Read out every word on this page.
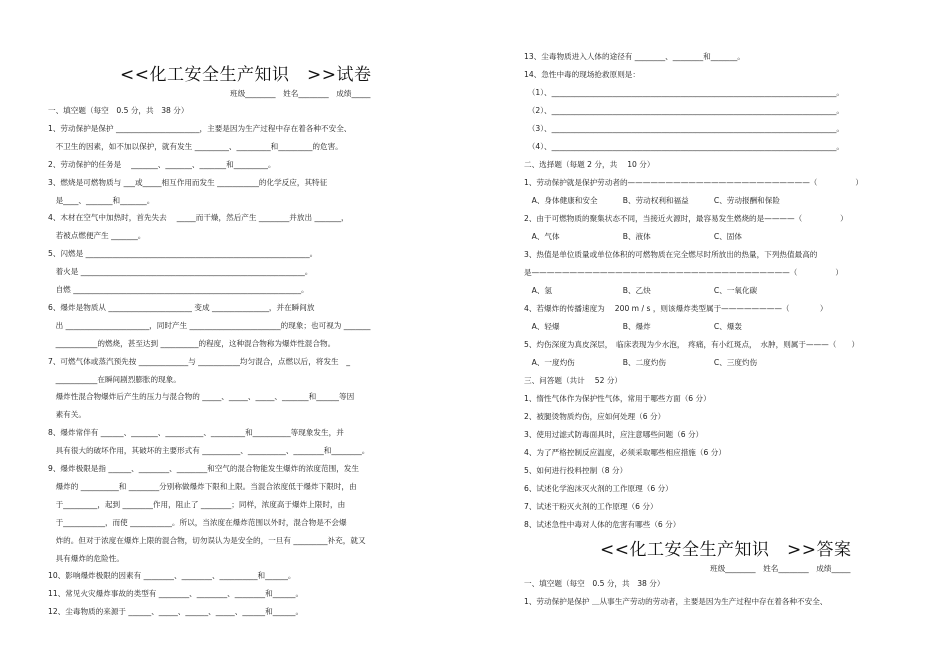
<<化工安全生产知识　>>试卷
班级________　姓名________　成绩_____
一、填空题（每空　0.5 分，共　38 分）
1、劳动保护是保护 ______________________，主要是因为生产过程中存在着各种不安全、
　不卫生的因素，如不加以保护，就有发生 _________、_________和_________的危害。
2、劳动保护的任务是　 _______、_______、_______和_________。
3、燃烧是可燃物质与 ___或_____相互作用而发生 ___________的化学反应，其特征
　是____、_______和_______。
4、木材在空气中加热时，首先失去　 _____而干燥，然后产生 ________并放出 _______，
　若被点燃便产生 _______。
5、闪燃是 ___________________________________________________________。
　着火是 ___________________________________________________________。
　自燃 ____________________________________________________________。
6、爆炸是物质从 ______________________ 变成 _______________，并在瞬间放
　出 ______________________，同时产生 ________________________的现象；也可视为 _______
　___________的燃烧，甚至达到 __________的程度，这种混合物称为爆炸性混合物。
7、可燃气体或蒸汽预先按 _____________与 ___________均匀混合，点燃以后，将发生　_
　___________在瞬间剧烈膨胀的现象。
　爆炸性混合物爆炸后产生的压力与混合物的 _____、_____、_____、_______和______等因
　素有关。
8、爆炸常伴有 ______、_______、__________、_________和__________等现象发生，并
　具有很大的破坏作用，其破坏的主要形式有 __________、__________、________和________。
9、爆炸极限是指 ______、________、________和空气的混合物能发生爆炸的浓度范围，发生
　爆炸的 __________和 ________分别称做爆炸下限和上限。当混合浓度低于爆炸下限时，由
　于_________，起到 ________作用，阻止了 ________；同样，浓度高于爆炸上限时，由
　于___________，而使 ___________。所以，当浓度在爆炸范围以外时，混合物是不会爆
　炸的。但对于浓度在爆炸上限的混合物，切勿误认为是安全的，一旦有 _________补充，就又
　具有爆炸的危险性。
10、影响爆炸极限的因素有 ________、________、__________和______。
11、常见火灾爆炸事故的类型有 ________、________、________和______。
12、尘毒物质的来源于 ______、_____、______、_____、______和______。
13、尘毒物质进入人体的途径有 ________、________和_______。
14、急性中毒的现场抢救原则是：
　（1）、___________________________________________________________________________。
　（2）、___________________________________________________________________________。
　（3）、___________________________________________________________________________。
　（4）、___________________________________________________________________________。
二、选择题（每题 2 分，共　 10 分）
1、劳动保护就是保护劳动者的————————————————————————（　　　　　）
　A、身体健康和安全　　　 B、劳动权利和福益　　　 C、劳动报酬和保险
2、由于可燃物质的聚集状态不同，当接近火源时，最容易发生燃烧的是————（　　　　　）
　A、气体　　　　　　　　 B、液体　　　　　　　　 C、固体
3、热值是单位质量或单位体积的可燃物质在完全燃尽时所放出的热量，下列热值最高的
是——————————————————————————————————（　　　　　）
　A、氢　　　　　　　　　 B、乙炔　　　　　　　　 C、一氧化碳
4、若爆炸的传播速度为　 200 m / s ，则该爆炸类型属于————————（　　　　）
　A、轻爆　　　　　　　　 B、爆炸　　　　　　　　 C、爆轰
5、灼伤深度为真皮深层，　临床表现为少水泡，　疼痛，有小红斑点，　水肿，则属于———（　　）
　A、一度灼伤　　　　　　 B、二度灼伤　　　　　　 C、三度灼伤
三、问答题（共计　 52 分）
1、惰性气体作为保护性气体，常用于哪些方面（6 分）
2、被腿烫物质灼伤，应如何处理（6 分）
3、使用过滤式防毒面具时，应注意哪些问题（6 分）
4、为了严格控制反应温度，必须采取哪些相应措施（6 分）
5、如何进行投料控制（8 分）
6、试述化学泡沫灭火剂的工作原理（6 分）
7、试述干粉灭火剂的工作原理（6 分）
8、试述急性中毒对人体的危害有哪些（6 分）
<<化工安全生产知识　>>答案
班级________　姓名________　成绩_____
一、填空题（每空　0.5 分，共　38 分）
1、劳动保护是保护 ＿从事生产劳动的劳动者，主要是因为生产过程中存在着各种不安全、
